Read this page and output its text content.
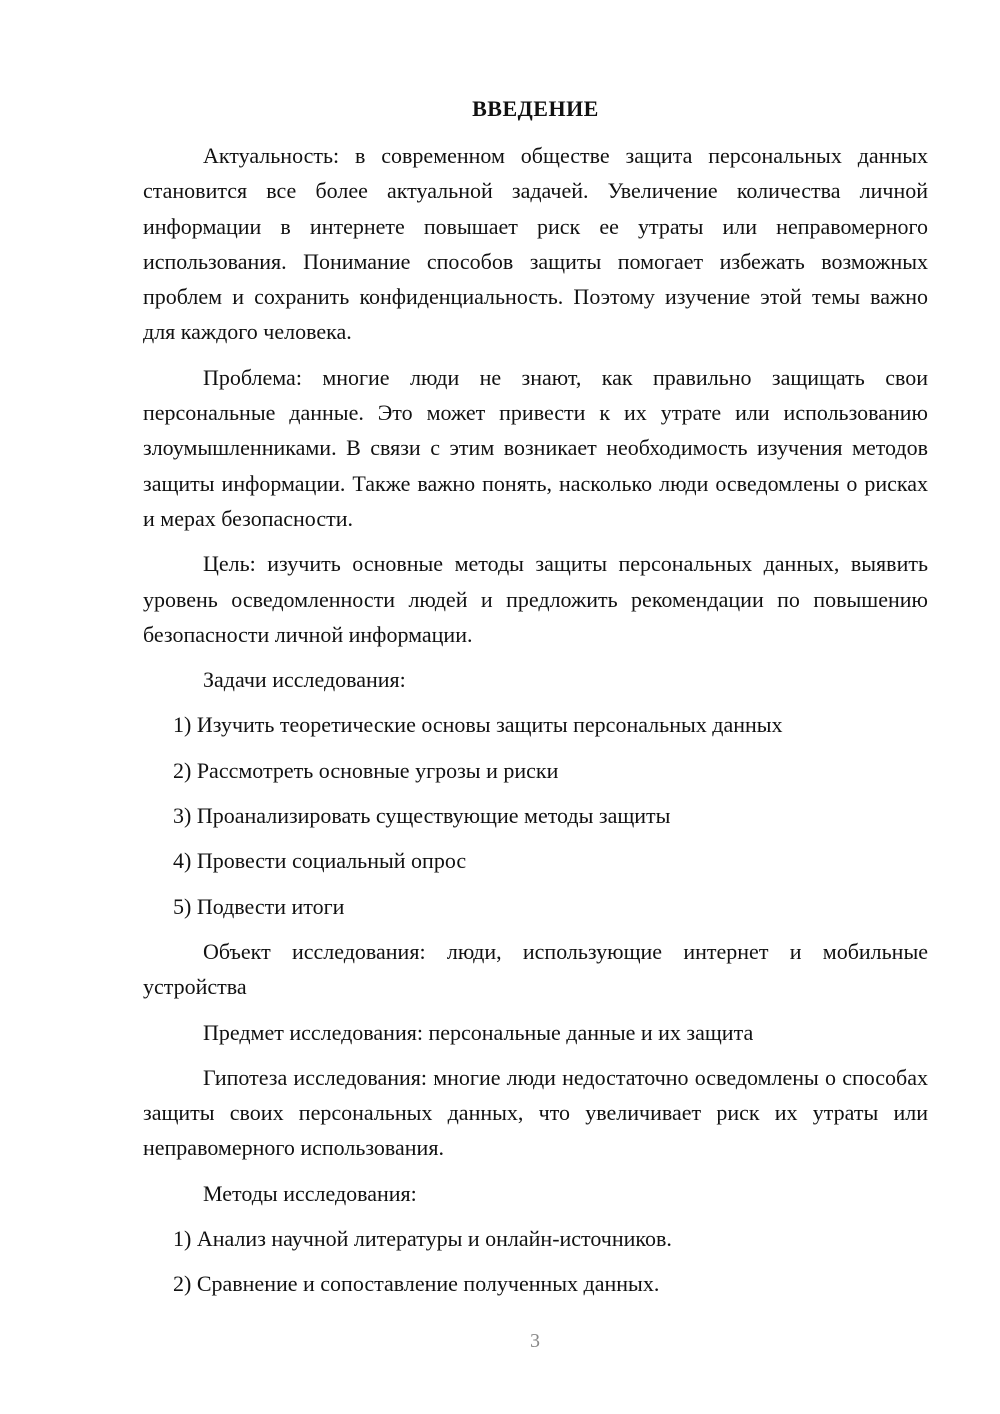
ВВЕДЕНИЕ

Актуальность: в современном обществе защита персональных данных становится все более актуальной задачей. Увеличение количества личной информации в интернете повышает риск ее утраты или неправомерного использования. Понимание способов защиты помогает избежать возможных проблем и сохранить конфиденциальность. Поэтому изучение этой темы важно для каждого человека.

Проблема: многие люди не знают, как правильно защищать свои персональные данные. Это может привести к их утрате или использованию злоумышленниками. В связи с этим возникает необходимость изучения методов защиты информации. Также важно понять, насколько люди осведомлены о рисках и мерах безопасности.

Цель: изучить основные методы защиты персональных данных, выявить уровень осведомленности людей и предложить рекомендации по повышению безопасности личной информации.

Задачи исследования:

1) Изучить теоретические основы защиты персональных данных

2) Рассмотреть основные угрозы и риски

3) Проанализировать существующие методы защиты

4) Провести социальный опрос

5) Подвести итоги

Объект исследования: люди, использующие интернет и мобильные устройства

Предмет исследования: персональные данные и их защита

Гипотеза исследования: многие люди недостаточно осведомлены о способах защиты своих персональных данных, что увеличивает риск их утраты или неправомерного использования.

Методы исследования:

1) Анализ научной литературы и онлайн-источников.

2) Сравнение и сопоставление полученных данных.

3
